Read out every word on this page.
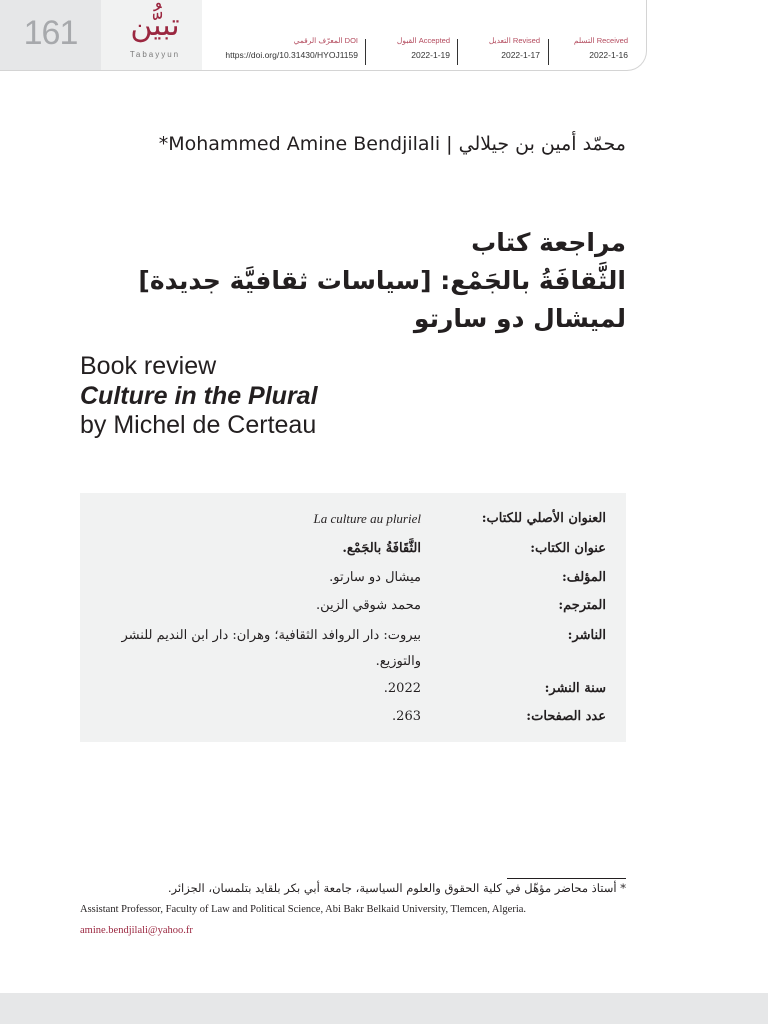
161	تبيُّن
Tabayyun
المعرّف الرقمي DOI
https://doi.org/10.31430/HYOJ1159
القبول Accepted
2022-1-19
التعديل Revised
2022-1-17
التسلم Received
2022-1-16
*Mohammed Amine Bendjilali | محمّد أمين بن جيلالي
مراجعة كتاب
الثَّقافَةُ بالجَمْع: [سياسات ثقافيَّة جديدة]
لميشال دو سارتو
Book review
Culture in the Plural
by Michel de Certeau
العنوان الأصلي للكتاب:
La culture au pluriel
عنوان الكتاب:
الثَّقَافَةُ بالجَمْع.
المؤلف:
ميشال دو سارتو.
المترجم:
محمد شوقي الزين.
الناشر:
بيروت: دار الروافد الثقافية؛ وهران: دار ابن النديم للنشر والتوزيع.
سنة النشر:
2022.
عدد الصفحات:
263.
* أستاذ محاضر مؤهّل في كلية الحقوق والعلوم السياسية، جامعة أبي بكر بلقايد بتلمسان، الجزائر.
Assistant Professor, Faculty of Law and Political Science, Abi Bakr Belkaid University, Tlemcen, Algeria.
amine.bendjilali@yahoo.fr
